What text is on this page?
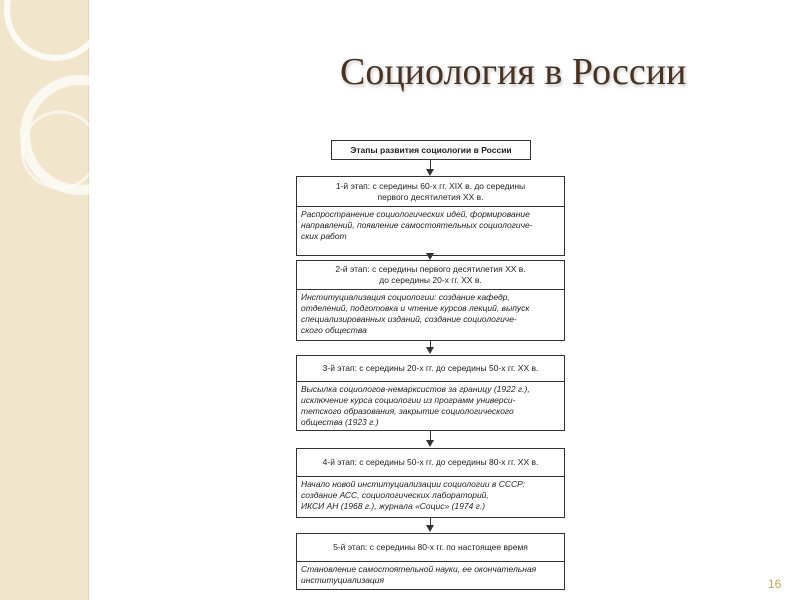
Социология в России
Этапы развития социологии в России
1-й этап: с середины 60-х гг. XIX в. до середины
первого десятилетия XX в.
Распространение социологических идей, формирование
направлений, появление самостоятельных социологиче-
ских работ
2-й этап: с середины первого десятилетия XX в.
до середины 20-х гг. XX в.
Институциализация социологии: создание кафедр,
отделений, подготовка и чтение курсов лекций, выпуск
специализированных изданий, создание социологиче-
ского общества
3-й этап: с середины 20-х гг. до середины 50-х гг. XX в.
Высылка социологов-немарксистов за границу (1922 г.),
исключение курса социологии из программ универси-
тетского образования, закрытие социологического
общества (1923 г.)
4-й этап: с середины 50-х гг. до середины 80-х гг. XX в.
Начало новой институциализации социологии в СССР:
создание АСС, социологических лабораторий,
ИКСИ АН (1968 г.), журнала «Социс» (1974 г.)
5-й этап: с середины 80-х гг. по настоящее время
Становление самостоятельной науки, ее окончательная
институциализация	16
